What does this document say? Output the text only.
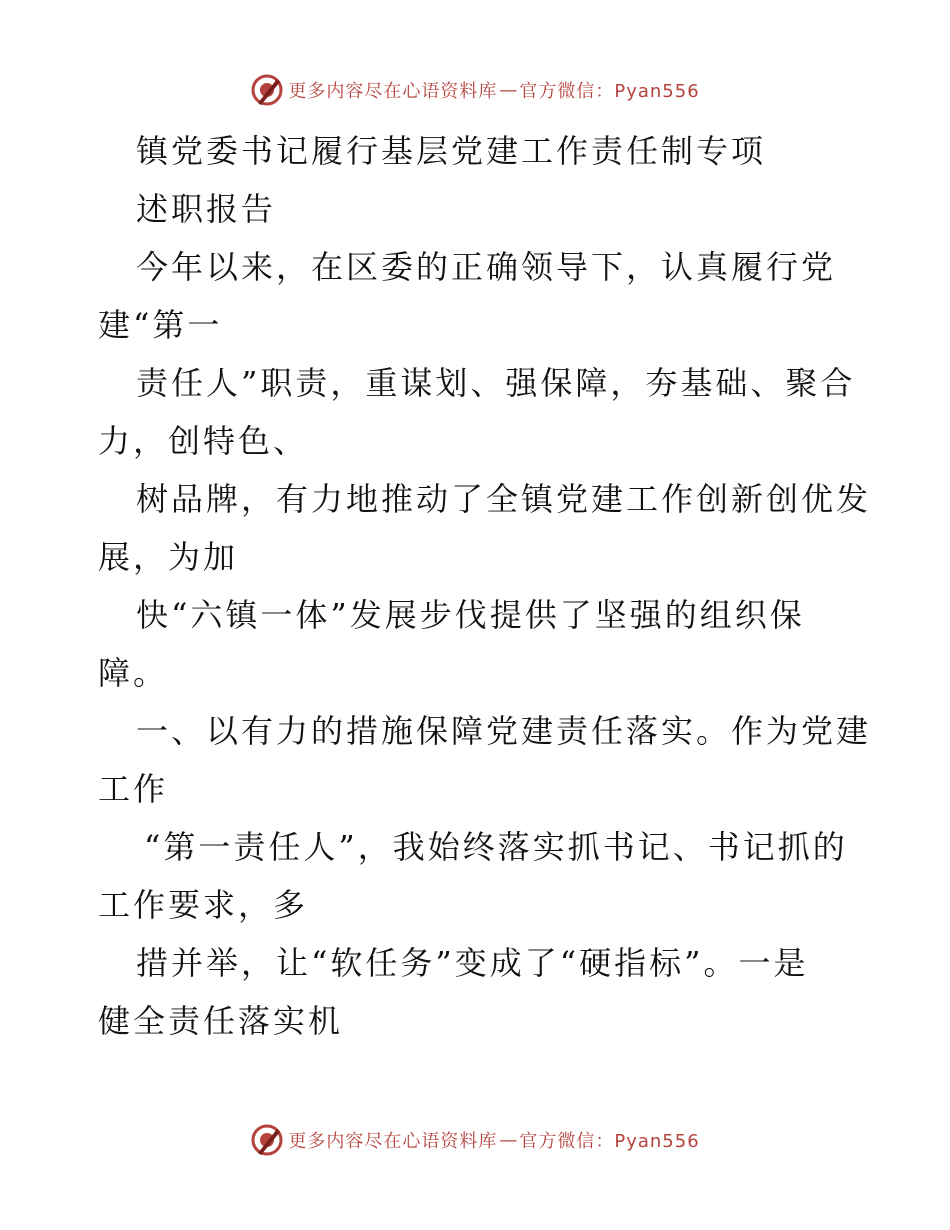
更多内容尽在心语资料库 — 官方微信：Pyan556
镇党委书记履行基层党建工作责任制专项
述职报告
今年以来，在区委的正确领导下，认真履行党
建“第一
责任人”职责，重谋划、强保障，夯基础、聚合
力，创特色、
树品牌，有力地推动了全镇党建工作创新创优发
展，为加
快“六镇一体”发展步伐提供了坚强的组织保
障。
一、以有力的措施保障党建责任落实。作为党建
工作
“第一责任人”，我始终落实抓书记、书记抓的
工作要求，多
措并举，让“软任务”变成了“硬指标”。一是
健全责任落实机
更多内容尽在心语资料库 — 官方微信：Pyan556
